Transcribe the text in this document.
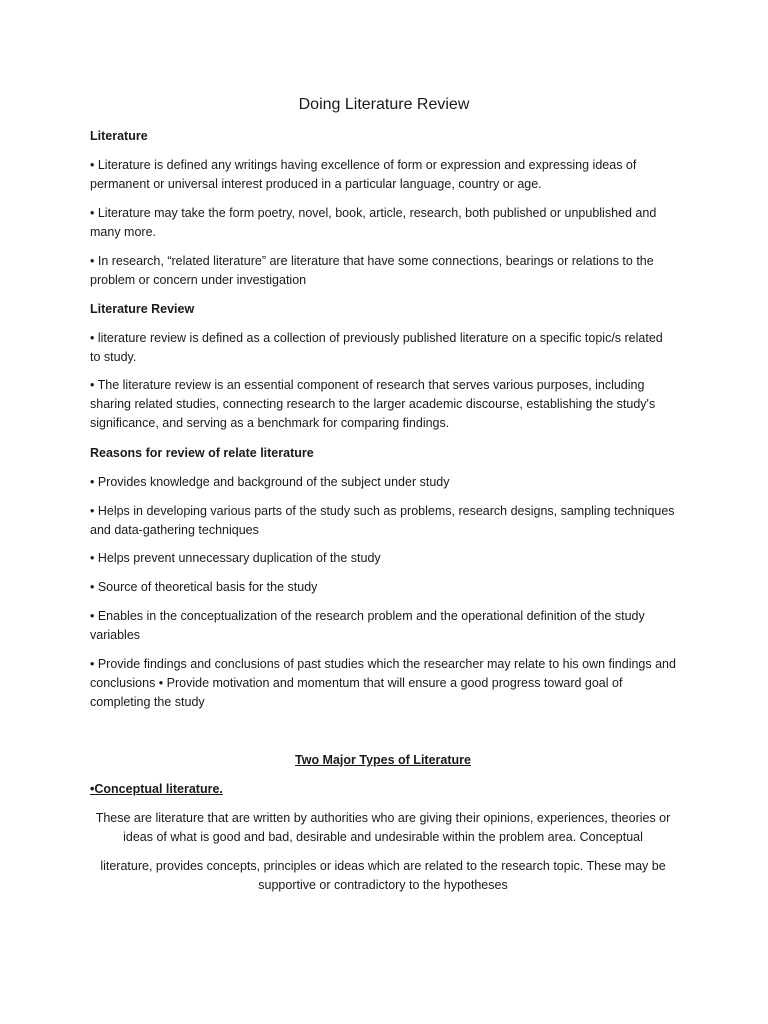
Doing Literature Review

Literature

• Literature is defined any writings having excellence of form or expression and expressing ideas of permanent or universal interest produced in a particular language, country or age.

• Literature may take the form poetry, novel, book, article, research, both published or unpublished and many more.

• In research, “related literature” are literature that have some connections, bearings or relations to the problem or concern under investigation

Literature Review

• literature review is defined as a collection of previously published literature on a specific topic/s related to study.

• The literature review is an essential component of research that serves various purposes, including sharing related studies, connecting research to the larger academic discourse, establishing the study's significance, and serving as a benchmark for comparing findings.

Reasons for review of relate literature

• Provides knowledge and background of the subject under study

• Helps in developing various parts of the study such as problems, research designs, sampling techniques and data-gathering techniques

• Helps prevent unnecessary duplication of the study

• Source of theoretical basis for the study

• Enables in the conceptualization of the research problem and the operational definition of the study variables

• Provide findings and conclusions of past studies which the researcher may relate to his own findings and conclusions • Provide motivation and momentum that will ensure a good progress toward goal of completing the study

Two Major Types of Literature

•Conceptual literature.

These are literature that are written by authorities who are giving their opinions, experiences, theories or ideas of what is good and bad, desirable and undesirable within the problem area. Conceptual

literature, provides concepts, principles or ideas which are related to the research topic. These may be supportive or contradictory to the hypotheses
